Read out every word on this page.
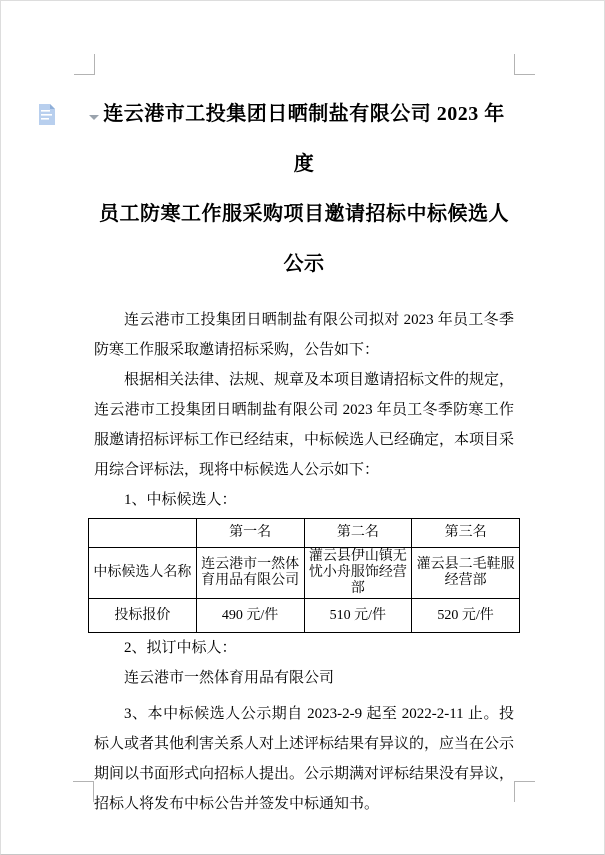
连云港市工投集团日晒制盐有限公司 2023 年度
员工防寒工作服采购项目邀请招标中标候选人
公示

连云港市工投集团日晒制盐有限公司拟对 2023 年员工冬季防寒工作服采取邀请招标采购，公告如下：

根据相关法律、法规、规章及本项目邀请招标文件的规定，连云港市工投集团日晒制盐有限公司 2023 年员工冬季防寒工作服邀请招标评标工作已经结束，中标候选人已经确定，本项目采用综合评标法，现将中标候选人公示如下：

1、中标候选人：

	第一名	第二名	第三名
中标候选人名称	连云港市一然体育用品有限公司	灌云县伊山镇无忧小舟服饰经营部	灌云县二毛鞋服经营部
投标报价	490 元/件	510 元/件	520 元/件

2、拟订中标人：

连云港市一然体育用品有限公司

3、本中标候选人公示期自 2023-2-9 起至 2022-2-11 止。投标人或者其他利害关系人对上述评标结果有异议的，应当在公示期间以书面形式向招标人提出。公示期满对评标结果没有异议，招标人将发布中标公告并签发中标通知书。
